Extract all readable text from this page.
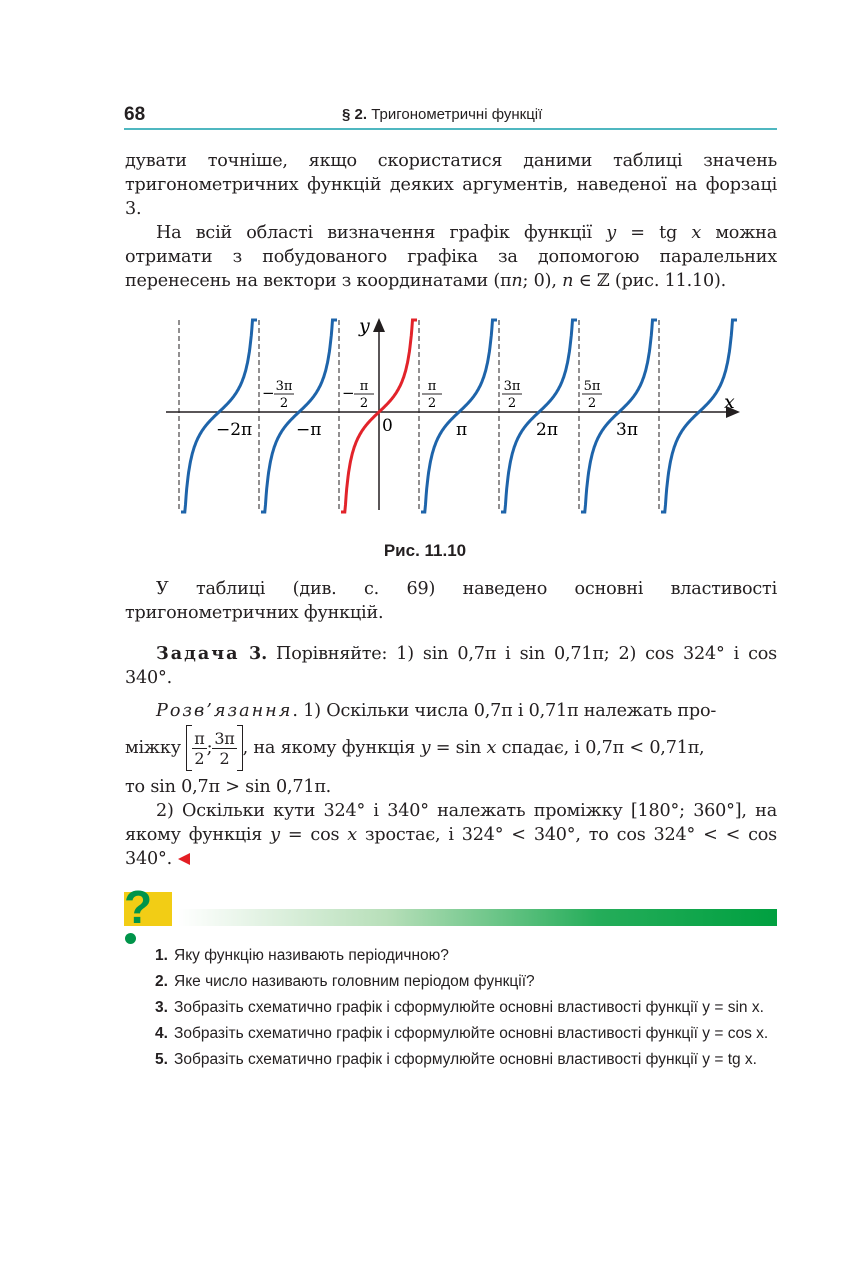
68	§ 2. Тригонометричні функції
дувати точніше, якщо скористатися даними таблиці значень тригонометричних функцій деяких аргументів, наведеної на форзаці 3.
На всій області визначення графік функції y = tg x можна отримати з побудованого графіка за допомогою паралельних перенесень на вектори з координатами (πn; 0), n ∈ ℤ (рис. 11.10).
x
y
0
−2π	−π	π	2π	3π
− 3π
2
− π
2
π
2
3π
2
5π
2
Рис. 11.10
У таблиці (див. с. 69) наведено основні властивості тригонометричних функцій.
Задача 3. Порівняйте: 1) sin 0,7π і sin 0,71π; 2) cos 324° і cos 340°.
Розв’язання. 1) Оскільки числа 0,7π і 0,71π належать про-
міжку $\frac{\pi}{2}$ ; $\frac{3\pi}{2}$ , на якому функція y = sin x спадає, і 0,7π < 0,71π,
то sin 0,7π > sin 0,71π.
2) Оскільки кути 324° і 340° належать проміжку [180°; 360°], на якому функція y = cos x зростає, і 324° < 340°, то cos 324° < < cos 340°.
?
1. Яку функцію називають періодичною?
2. Яке число називають головним періодом функції?
3. Зобразіть схематично графік і сформулюйте основні властивості функції y = sin x.
4. Зобразіть схематично графік і сформулюйте основні властивості функції y = cos x.
5. Зобразіть схематично графік і сформулюйте основні властивості функції y = tg x.
